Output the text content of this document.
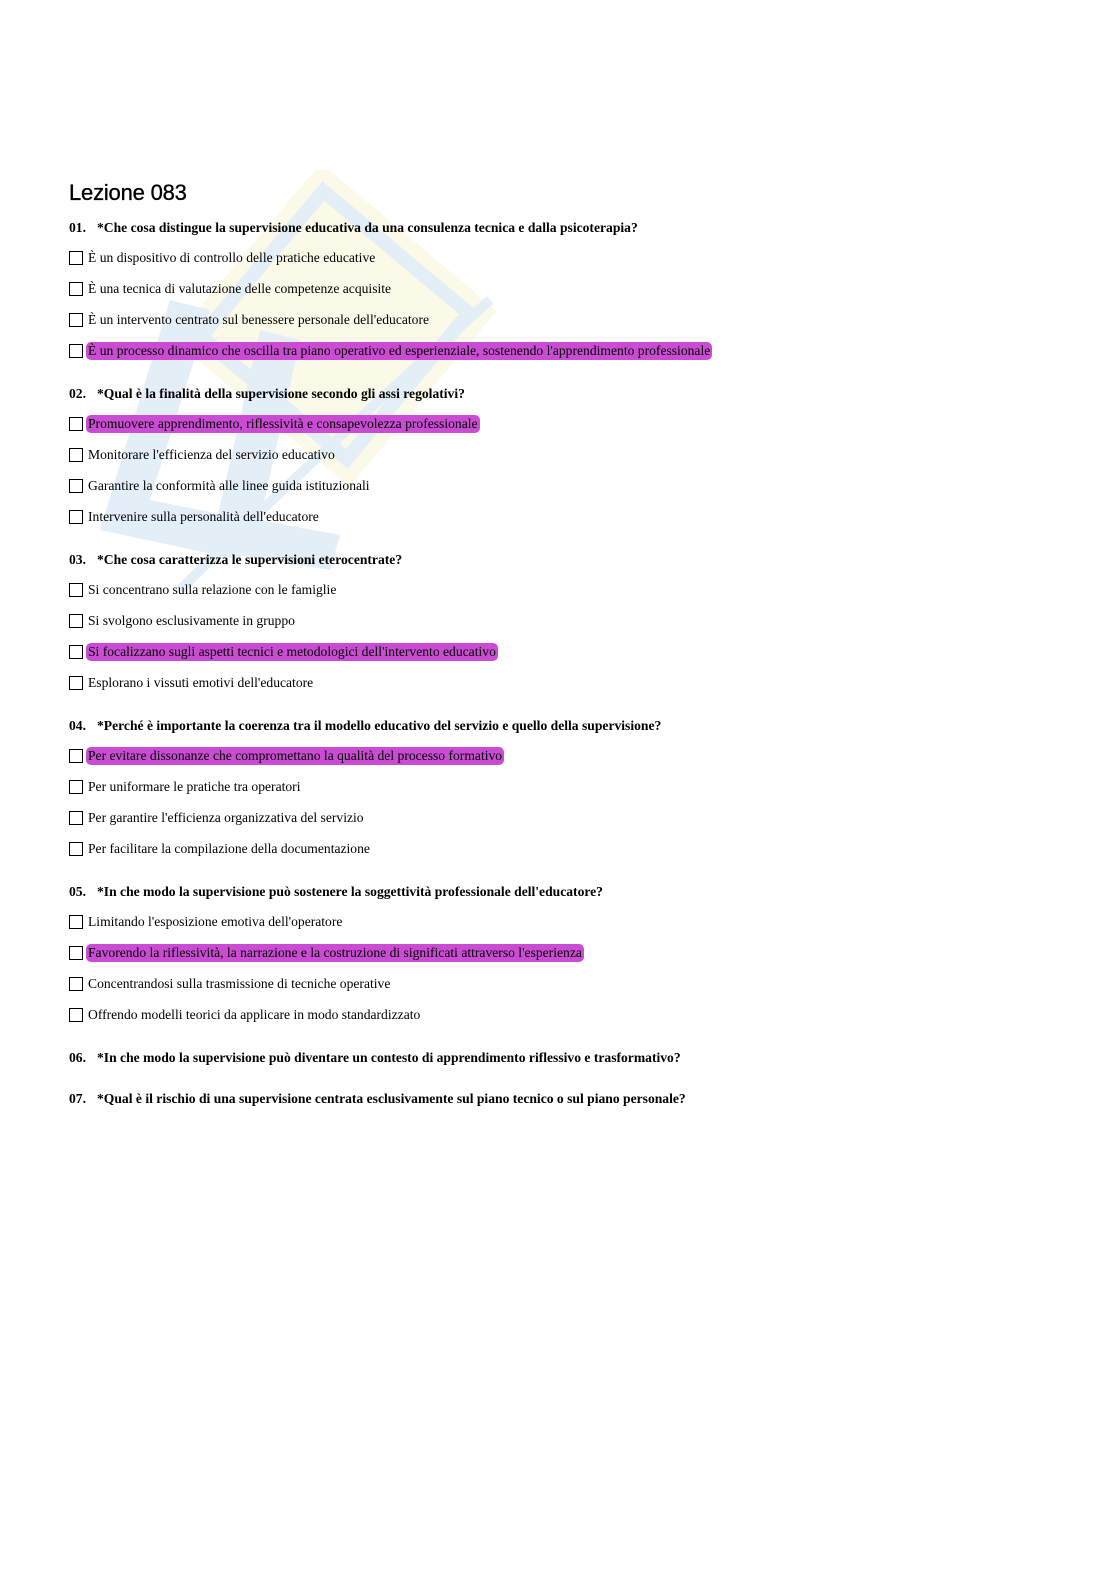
Lezione 083
01. *Che cosa distingue la supervisione educativa da una consulenza tecnica e dalla psicoterapia?
È un dispositivo di controllo delle pratiche educative
È una tecnica di valutazione delle competenze acquisite
È un intervento centrato sul benessere personale dell'educatore
È un processo dinamico che oscilla tra piano operativo ed esperienziale, sostenendo l'apprendimento professionale
02. *Qual è la finalità della supervisione secondo gli assi regolativi?
Promuovere apprendimento, riflessività e consapevolezza professionale
Monitorare l'efficienza del servizio educativo
Garantire la conformità alle linee guida istituzionali
Intervenire sulla personalità dell'educatore
03. *Che cosa caratterizza le supervisioni eterocentrate?
Si concentrano sulla relazione con le famiglie
Si svolgono esclusivamente in gruppo
Si focalizzano sugli aspetti tecnici e metodologici dell'intervento educativo
Esplorano i vissuti emotivi dell'educatore
04. *Perché è importante la coerenza tra il modello educativo del servizio e quello della supervisione?
Per evitare dissonanze che compromettano la qualità del processo formativo
Per uniformare le pratiche tra operatori
Per garantire l'efficienza organizzativa del servizio
Per facilitare la compilazione della documentazione
05. *In che modo la supervisione può sostenere la soggettività professionale dell'educatore?
Limitando l'esposizione emotiva dell'operatore
Favorendo la riflessività, la narrazione e la costruzione di significati attraverso l'esperienza
Concentrandosi sulla trasmissione di tecniche operative
Offrendo modelli teorici da applicare in modo standardizzato
06. *In che modo la supervisione può diventare un contesto di apprendimento riflessivo e trasformativo?
07. *Qual è il rischio di una supervisione centrata esclusivamente sul piano tecnico o sul piano personale?
